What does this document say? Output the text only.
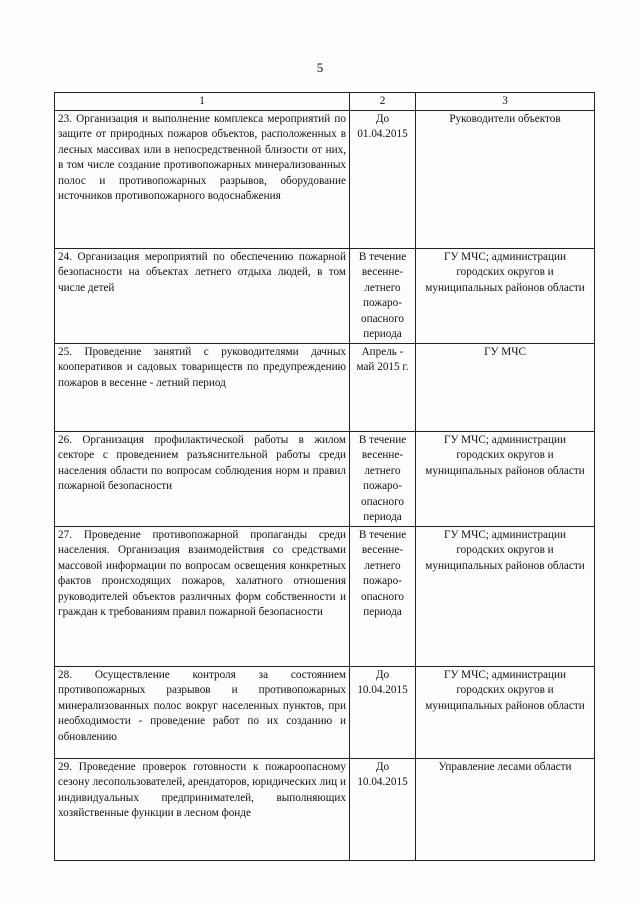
5
1	2	3
23. Организация и выполнение комплекса мероприятий по защите от природных пожаров объектов, расположенных в лесных массивах или в непосредственной близости от них, в том числе создание противопожарных минерализованных полос и противопожарных разрывов, оборудование источников противопожарного водоснабжения	До 01.04.2015	Руководители объектов
24. Организация мероприятий по обеспечению пожарной безопасности на объектах летнего отдыха людей, в том числе детей	В течение весенне-летнего пожаро-опасного периода	ГУ МЧС; администрации городских округов и муниципальных районов области
25. Проведение занятий с руководителями дачных кооперативов и садовых товариществ по предупреждению пожаров в весенне - летний период	Апрель - май 2015 г.	ГУ МЧС
26. Организация профилактической работы в жилом секторе с проведением разъяснительной работы среди населения области по вопросам соблюдения норм и правил пожарной безопасности	В течение весенне-летнего пожаро-опасного периода	ГУ МЧС; администрации городских округов и муниципальных районов области
27. Проведение противопожарной пропаганды среди населения. Организация взаимодействия со средствами массовой информации по вопросам освещения конкретных фактов происходящих пожаров, халатного отношения руководителей объектов различных форм собственности и граждан к требованиям правил пожарной безопасности	В течение весенне-летнего пожаро-опасного периода	ГУ МЧС; администрации городских округов и муниципальных районов области
28. Осуществление контроля за состоянием противопожарных разрывов и противопожарных минерализованных полос вокруг населенных пунктов, при необходимости - проведение работ по их созданию и обновлению	До 10.04.2015	ГУ МЧС; администрации городских округов и муниципальных районов области
29. Проведение проверок готовности к пожароопасному сезону лесопользователей, арендаторов, юридических лиц и индивидуальных предпринимателей, выполняющих хозяйственные функции в лесном фонде	До 10.04.2015	Управление лесами области
